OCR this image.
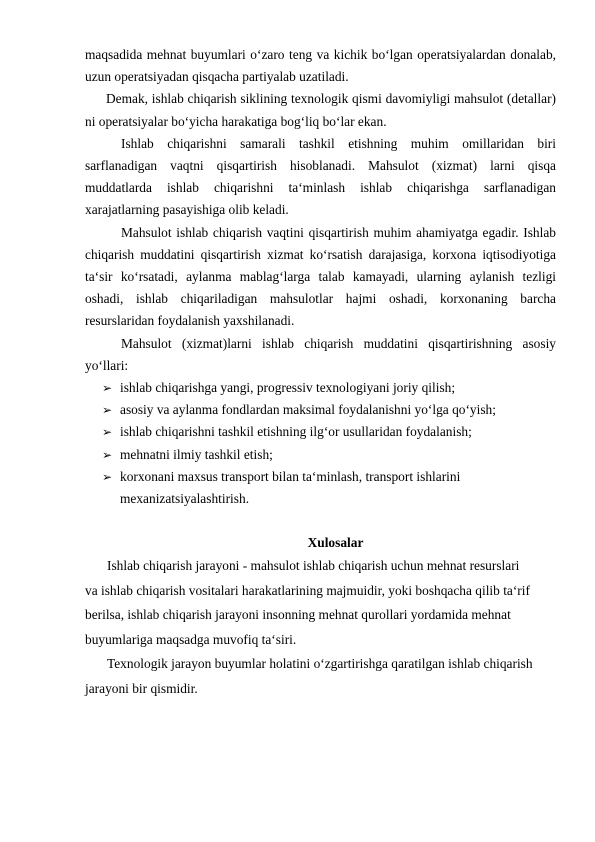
maqsadida mehnat buyumlari o‘zaro teng va kichik bo‘lgan operatsiyalardan donalab, uzun operatsiyadan qisqacha partiyalab uzatiladi.

Demak, ishlab chiqarish siklining texnologik qismi davomiyligi mahsulot (detallar) ni operatsiyalar bo‘yicha harakatiga bog‘liq bo‘lar ekan.

Ishlab chiqarishni samarali tashkil etishning muhim omillaridan biri sarflanadigan vaqtni qisqartirish hisoblanadi. Mahsulot (xizmat) larni qisqa muddatlarda ishlab chiqarishni ta‘minlash ishlab chiqarishga sarflanadigan xarajatlarning pasayishiga olib keladi.

Mahsulot ishlab chiqarish vaqtini qisqartirish muhim ahamiyatga egadir. Ishlab chiqarish muddatini qisqartirish xizmat ko‘rsatish darajasiga, korxona iqtisodiyotiga ta‘sir ko‘rsatadi, aylanma mablag‘larga talab kamayadi, ularning aylanish tezligi oshadi, ishlab chiqariladigan mahsulotlar hajmi oshadi, korxonaning barcha resurslaridan foydalanish yaxshilanadi.

Mahsulot (xizmat)larni ishlab chiqarish muddatini qisqartirishning asosiy yo‘llari:

➢ ishlab chiqarishga yangi, progressiv texnologiyani joriy qilish;
➢ asosiy va aylanma fondlardan maksimal foydalanishni yo‘lga qo‘yish;
➢ ishlab chiqarishni tashkil etishning ilg‘or usullaridan foydalanish;
➢ mehnatni ilmiy tashkil etish;
➢ korxonani maxsus transport bilan ta‘minlash, transport ishlarini mexanizatsiyalashtirish.
Xulosalar
Ishlab chiqarish jarayoni - mahsulot ishlab chiqarish uchun mehnat resurslari
va ishlab chiqarish vositalari harakatlarining majmuidir, yoki boshqacha qilib ta‘rif
berilsa, ishlab chiqarish jarayoni insonning mehnat qurollari yordamida mehnat
buyumlariga maqsadga muvofiq ta‘siri.
Texnologik jarayon buyumlar holatini o‘zgartirishga qaratilgan ishlab chiqarish
jarayoni bir qismidir.
